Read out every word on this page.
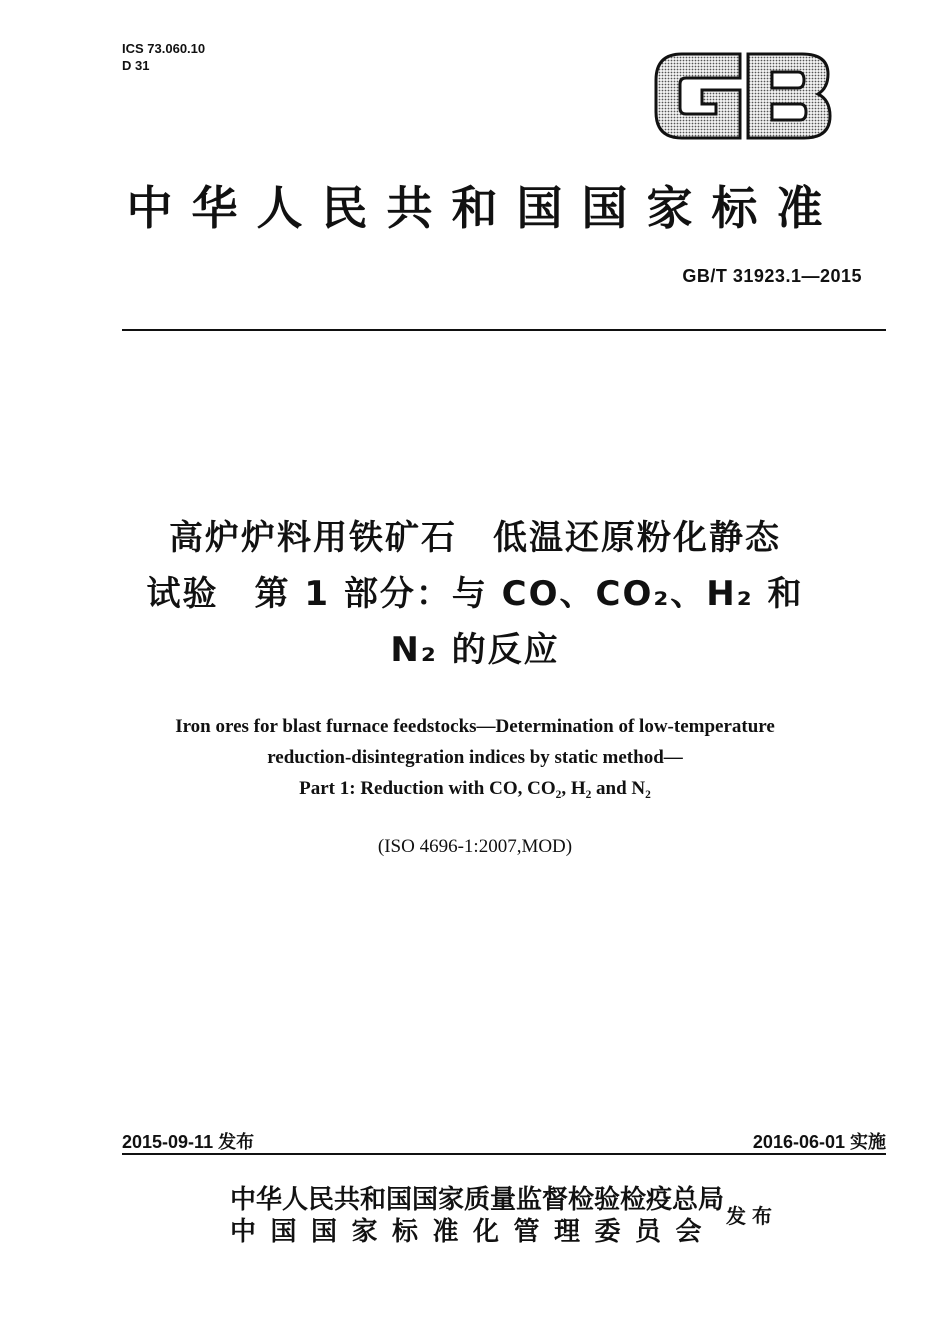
ICS 73.060.10
D 31
中华人民共和国国家标准
GB/T 31923.1—2015
高炉炉料用铁矿石　低温还原粉化静态
试验　第 1 部分：与 CO、CO₂、H₂ 和
N₂ 的反应
Iron ores for blast furnace feedstocks—Determination of low-temperature
reduction-disintegration indices by static method—
Part 1: Reduction with CO, CO₂, H₂ and N₂
(ISO 4696-1:2007,MOD)
2015-09-11 发布	2016-06-01 实施
中华人民共和国国家质量监督检验检疫总局
中国国家标准化管理委员会
发布
